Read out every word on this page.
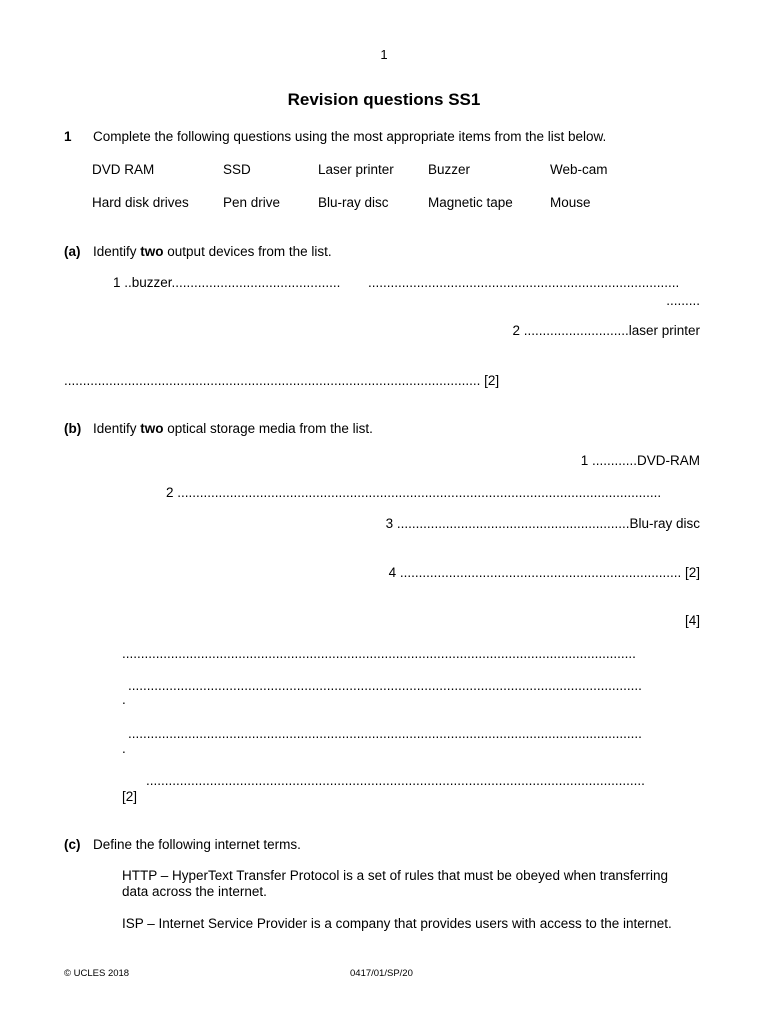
1
Revision questions SS1
1 Complete the following questions using the most appropriate items from the list below.
DVD RAM	SSD	Laser printer	Buzzer	Web-cam
Hard disk drives	Pen drive	Blu-ray disc	Magnetic tape	Mouse
(a) Identify two output devices from the list.
1 ..buzzer............................................. ...................................................................................
.........
2 ............................laser printer
............................................................................................................... [2]
(b) Identify two optical storage media from the list.
1 ............DVD-RAM
2 .................................................................................................................................
3 ..............................................................Blu-ray disc
4 ........................................................................... [2]
[4]
.........................................................................................................................................
.........................................................................................................................................
.
.........................................................................................................................................
.
.....................................................................................................................................
[2]
(c) Define the following internet terms.
HTTP – HyperText Transfer Protocol is a set of rules that must be obeyed when transferring
data across the internet.
ISP – Internet Service Provider is a company that provides users with access to the internet.
© UCLES 2018	0417/01/SP/20
